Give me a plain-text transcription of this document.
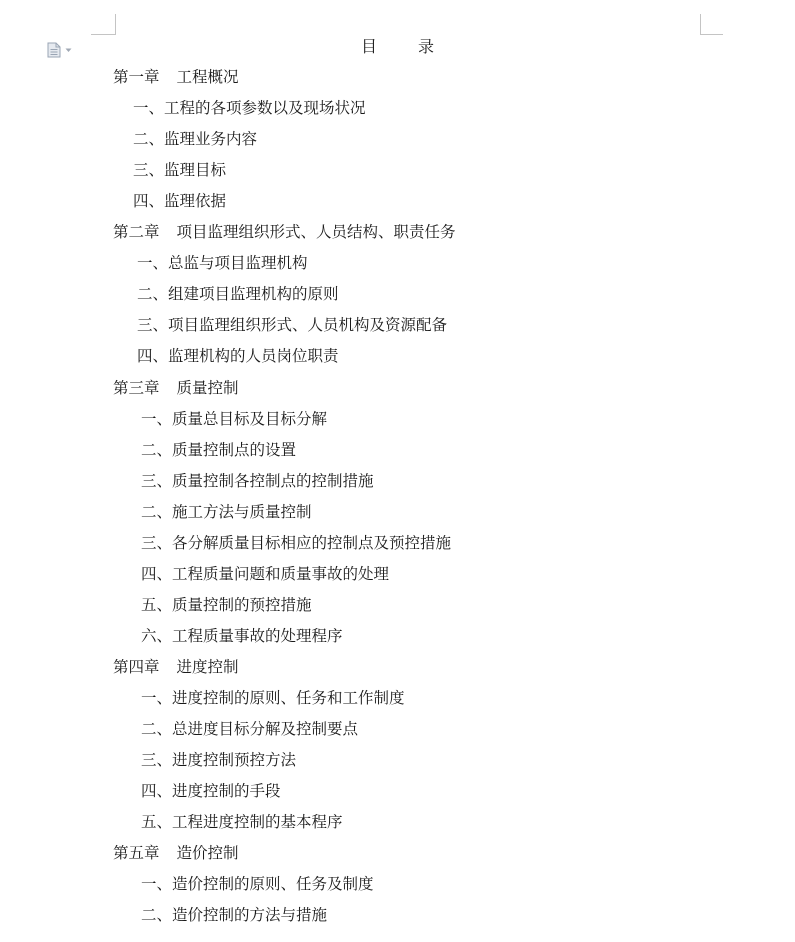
目 录
第一章 工程概况
一、工程的各项参数以及现场状况
二、监理业务内容
三、监理目标
四、监理依据
第二章 项目监理组织形式、人员结构、职责任务
一、总监与项目监理机构
二、组建项目监理机构的原则
三、项目监理组织形式、人员机构及资源配备
四、监理机构的人员岗位职责
第三章 质量控制
一、质量总目标及目标分解
二、质量控制点的设置
三、质量控制各控制点的控制措施
二、施工方法与质量控制
三、各分解质量目标相应的控制点及预控措施
四、工程质量问题和质量事故的处理
五、质量控制的预控措施
六、工程质量事故的处理程序
第四章 进度控制
一、进度控制的原则、任务和工作制度
二、总进度目标分解及控制要点
三、进度控制预控方法
四、进度控制的手段
五、工程进度控制的基本程序
第五章 造价控制
一、造价控制的原则、任务及制度
二、造价控制的方法与措施
